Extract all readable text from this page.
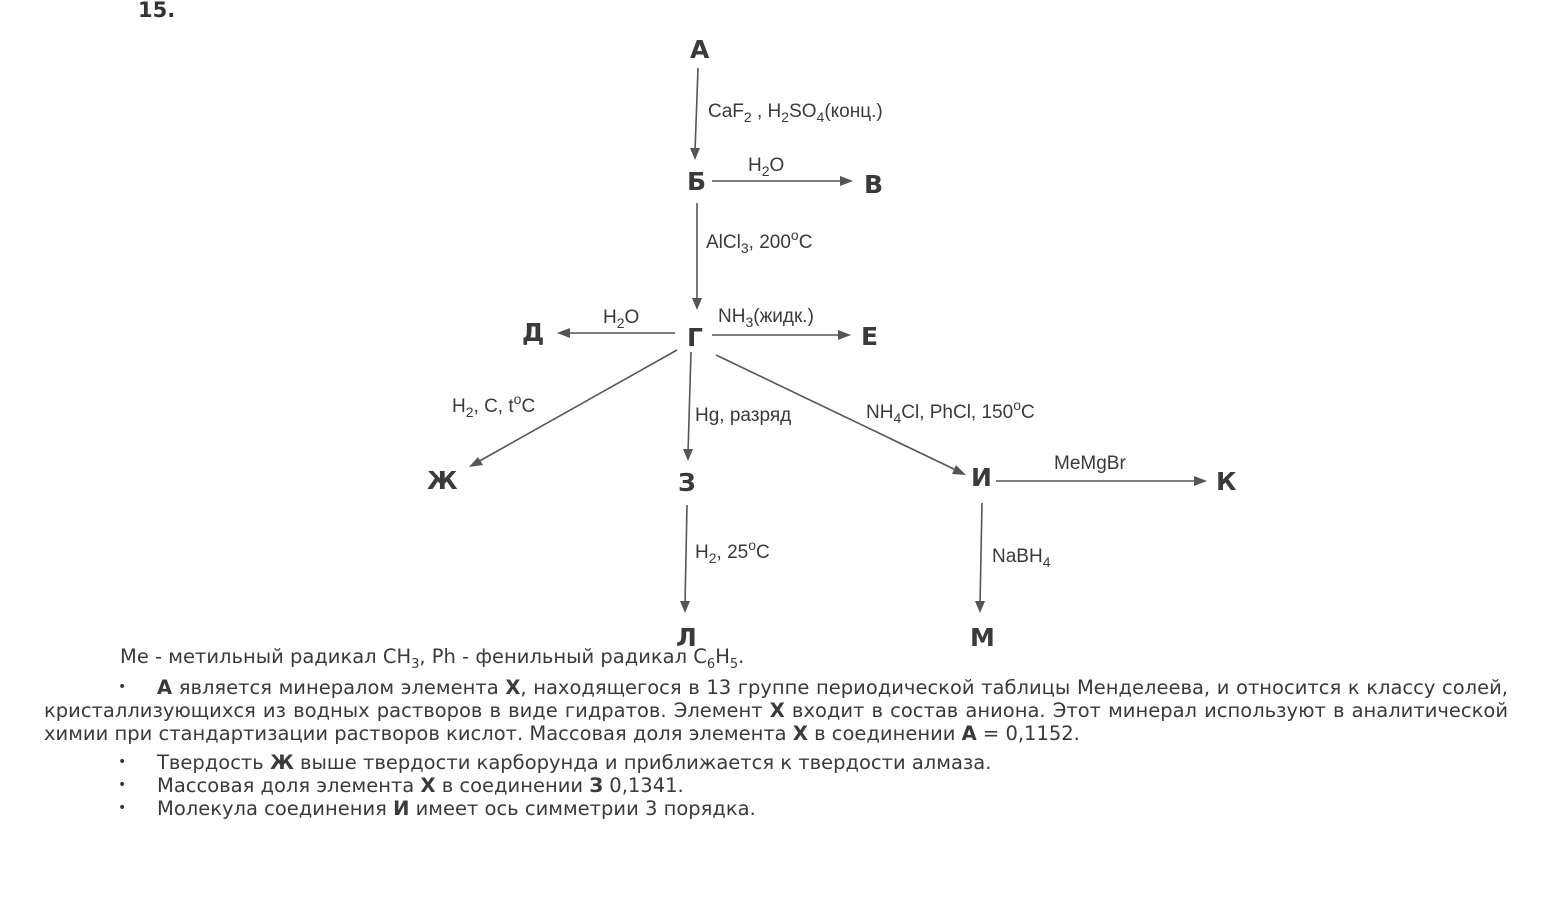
15.
А
Б	В
Г
Д	Е
Ж	З	И	К
Л	М
CaF$_2$ , $H_2SO_4(конц.)$
$H_2O$
AlCl$_3$, 200$^o$C
$H_2O$	$NH_3(жидк.)$
$H_2$, C, $t^oC$	Hg, разряд	$NH_4Cl$, PhCl, 150$^o$C
MeMgBr
$H_2$, 25$^o$C	NaBH$_4$

Me - метильный радикал $CH_3$, Ph - фенильный радикал $C_6H_5$.

• А является минералом элемента X, находящегося в 13 группе периодической таблицы Менделеева, и относится к классу солей, кристаллизующихся из водных растворов в виде гидратов. Элемент X входит в состав аниона. Этот минерал используют в аналитической химии при стандартизации растворов кислот. Массовая доля элемента X в соединении А = 0,1152.

• Твердость Ж выше твердости карборунда и приближается к твердости алмаза.

• Массовая доля элемента X в соединении З 0,1341.

• Молекула соединения И имеет ось симметрии 3 порядка.
